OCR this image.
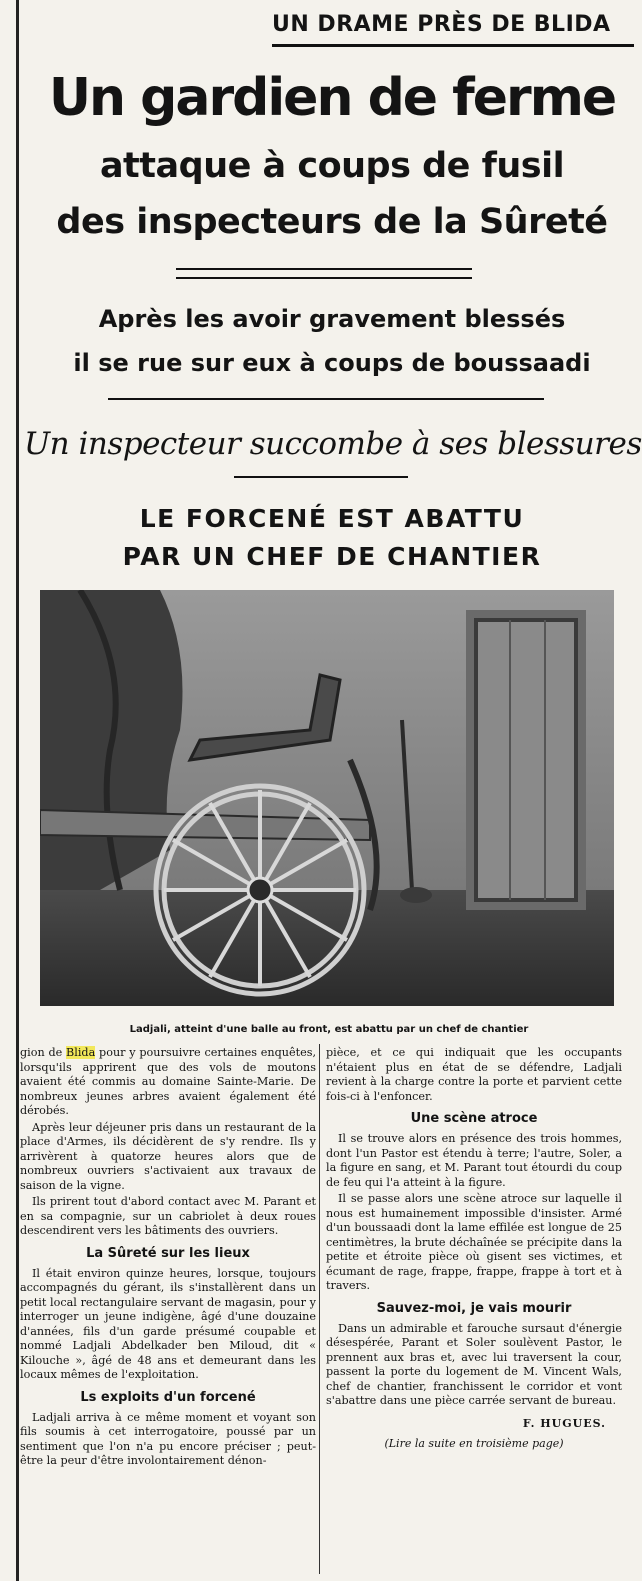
UN DRAME PRÈS DE BLIDA
Un gardien de ferme
attaque à coups de fusil
des inspecteurs de la Sûreté
Après les avoir gravement blessés
il se rue sur eux à coups de boussaadi
Un inspecteur succombe à ses blessures
LE FORCENÉ EST ABATTU
PAR UN CHEF DE CHANTIER
Ladjali, atteint d'une balle au front, est abattu par un chef de chantier

gion de Blida pour y poursuivre certaines enquêtes, lorsqu'ils apprirent que des vols de moutons avaient été commis au domaine Sainte-Marie. De nombreux jeunes arbres avaient également été dérobés.

Après leur déjeuner pris dans un restaurant de la place d'Armes, ils décidèrent de s'y rendre. Ils y arrivèrent à quatorze heures alors que de nombreux ouvriers s'activaient aux travaux de saison de la vigne.

Ils prirent tout d'abord contact avec M. Parant et en sa compagnie, sur un cabriolet à deux roues descendirent vers les bâtiments des ouvriers.

La Sûreté sur les lieux

Il était environ quinze heures, lorsque, toujours accompagnés du gérant, ils s'installèrent dans un petit local rectangulaire servant de magasin, pour y interroger un jeune indigène, âgé d'une douzaine d'années, fils d'un garde présumé coupable et nommé Ladjali Abdelkader ben Miloud, dit « Kilouche », âgé de 48 ans et demeurant dans les locaux mêmes de l'exploitation.

Ls exploits d'un forcené

Ladjali arriva à ce même moment et voyant son fils soumis à cet interrogatoire, poussé par un sentiment que l'on n'a pu encore préciser ; peut-être la peur d'être involontairement dénon-

pièce, et ce qui indiquait que les occupants n'étaient plus en état de se défendre, Ladjali revient à la charge contre la porte et parvient cette fois-ci à l'enfoncer.

Une scène atroce

Il se trouve alors en présence des trois hommes, dont l'un Pastor est étendu à terre; l'autre, Soler, a la figure en sang, et M. Parant tout étourdi du coup de feu qui l'a atteint à la figure.

Il se passe alors une scène atroce sur laquelle il nous est humainement impossible d'insister. Armé d'un boussaadi dont la lame effilée est longue de 25 centimètres, la brute déchaînée se précipite dans la petite et étroite pièce où gisent ses victimes, et écumant de rage, frappe, frappe, frappe à tort et à travers.

Sauvez-moi, je vais mourir

Dans un admirable et farouche sursaut d'énergie désespérée, Parant et Soler soulèvent Pastor, le prennent aux bras et, avec lui traversent la cour, passent la porte du logement de M. Vincent Wals, chef de chantier, franchissent le corridor et vont s'abattre dans une pièce carrée servant de bureau.

F. HUGUES.
(Lire la suite en troisième page)
